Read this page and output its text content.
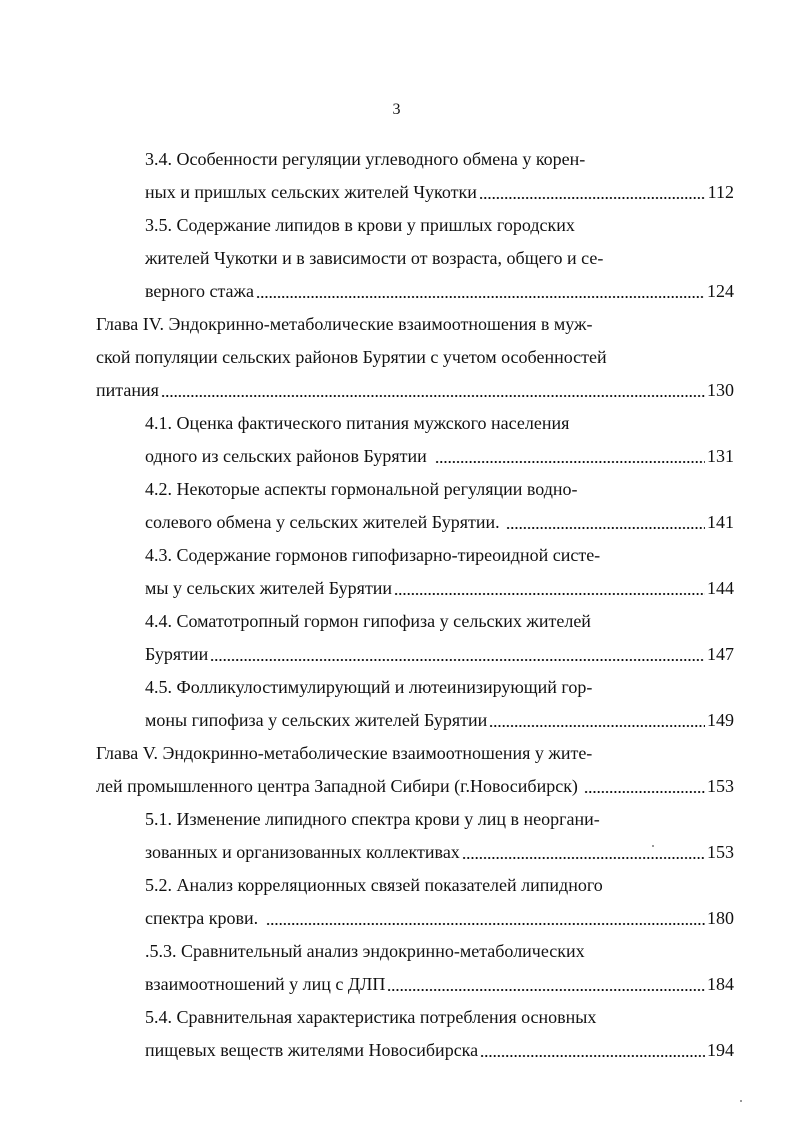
3
3.4. Особенности регуляции углеводного обмена у корен-
ных и пришлых сельских жителей Чукотки	112
3.5. Содержание липидов в крови у пришлых городских
жителей Чукотки и в зависимости от возраста, общего и се-
верного стажа	124
Глава IV. Эндокринно-метаболические взаимоотношения в муж-
ской популяции сельских районов Бурятии с учетом особенностей
питания	130
4.1. Оценка фактического питания мужского населения
одного из сельских районов Бурятии	131
4.2. Некоторые аспекты гормональной регуляции водно-
солевого обмена у сельских жителей Бурятии.	141
4.3. Содержание гормонов гипофизарно-тиреоидной систе-
мы у сельских жителей Бурятии	144
4.4. Соматотропный гормон гипофиза у сельских жителей
Бурятии	147
4.5. Фолликулостимулирующий и лютеинизирующий гор-
моны гипофиза у сельских жителей Бурятии	149
Глава V. Эндокринно-метаболические взаимоотношения у жите-
лей промышленного центра Западной Сибири (г.Новосибирск)	153
5.1. Изменение липидного спектра крови у лиц в неоргани-
зованных и организованных коллективах	153
5.2. Анализ корреляционных связей показателей липидного
спектра крови.	180
.5.3. Сравнительный анализ эндокринно-метаболических
взаимоотношений у лиц с ДЛП	184
5.4. Сравнительная характеристика потребления основных
пищевых веществ жителями Новосибирска	194
